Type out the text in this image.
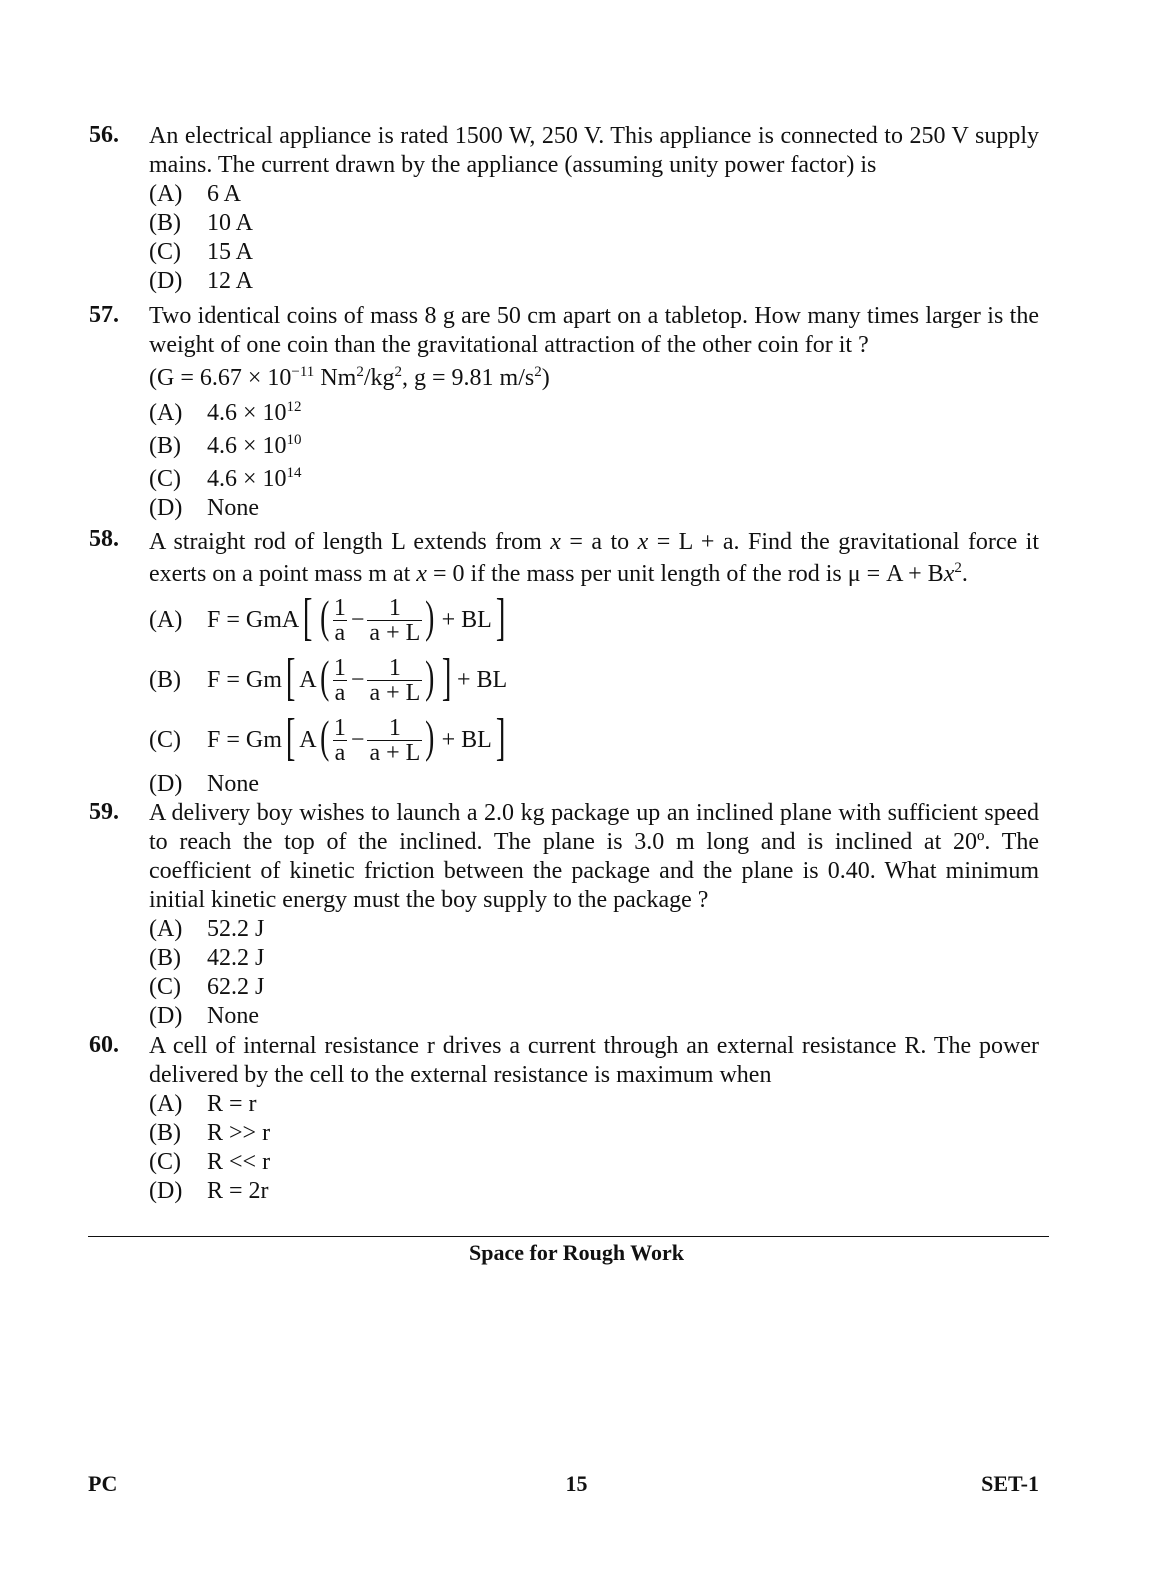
56. An electrical appliance is rated 1500 W, 250 V. This appliance is connected to 250 V supply mains. The current drawn by the appliance (assuming unity power factor) is
(A) 6 A
(B) 10 A
(C) 15 A
(D) 12 A
57. Two identical coins of mass 8 g are 50 cm apart on a tabletop. How many times larger is the weight of one coin than the gravitational attraction of the other coin for it ?
($G = 6.67 \times 10^{-11}$ $Nm^2/kg^2$, g = 9.81 $m/s^2$)
(A) $4.6 \times 10^{12}$
(B) $4.6 \times 10^{10}$
(C) $4.6 \times 10^{14}$
(D) None
58. A straight rod of length L extends from x = a to x = L + a. Find the gravitational force it exerts on a point mass m at x = 0 if the mass per unit length of the rod is $\mu = A + Bx^2$.
(A)	F = GmA [ ( $\frac{1}{a} - \frac{1}{a + L}$ ) + BL ]
(B)	F = Gm [ A ( $\frac{1}{a} - \frac{1}{a + L}$ ) ] + BL
(C)	F = Gm [ A ( $\frac{1}{a} - \frac{1}{a + L}$ ) + BL ]
(D) None
59. A delivery boy wishes to launch a 2.0 kg package up an inclined plane with sufficient speed to reach the top of the inclined. The plane is 3.0 m long and is inclined at 20º. The coefficient of kinetic friction between the package and the plane is 0.40. What minimum initial kinetic energy must the boy supply to the package ?
(A) 52.2 J
(B) 42.2 J
(C) 62.2 J
(D) None
60. A cell of internal resistance r drives a current through an external resistance R. The power delivered by the cell to the external resistance is maximum when
(A) R = r
(B) R >> r
(C) R << r
(D) R = 2r
Space for Rough Work
PC	15	SET-1
